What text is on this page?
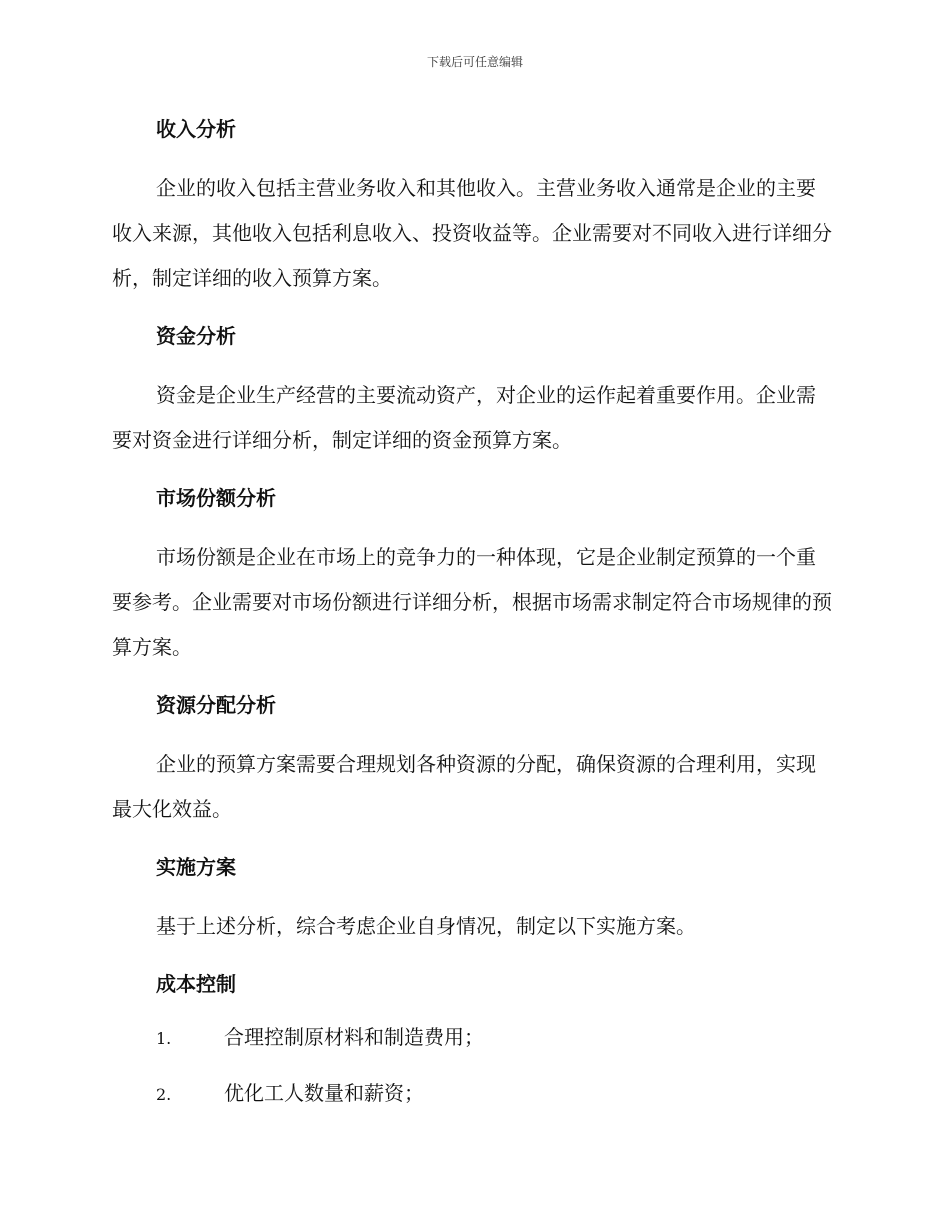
下载后可任意编辑
收入分析

企业的收入包括主营业务收入和其他收入。主营业务收入通常是企业的主要收入来源，其他收入包括利息收入、投资收益等。企业需要对不同收入进行详细分析，制定详细的收入预算方案。

资金分析

资金是企业生产经营的主要流动资产，对企业的运作起着重要作用。企业需要对资金进行详细分析，制定详细的资金预算方案。

市场份额分析

市场份额是企业在市场上的竞争力的一种体现，它是企业制定预算的一个重要参考。企业需要对市场份额进行详细分析，根据市场需求制定符合市场规律的预算方案。

资源分配分析

企业的预算方案需要合理规划各种资源的分配，确保资源的合理利用，实现最大化效益。

实施方案

基于上述分析，综合考虑企业自身情况，制定以下实施方案。

成本控制
1.	合理控制原材料和制造费用；
2.	优化工人数量和薪资；
